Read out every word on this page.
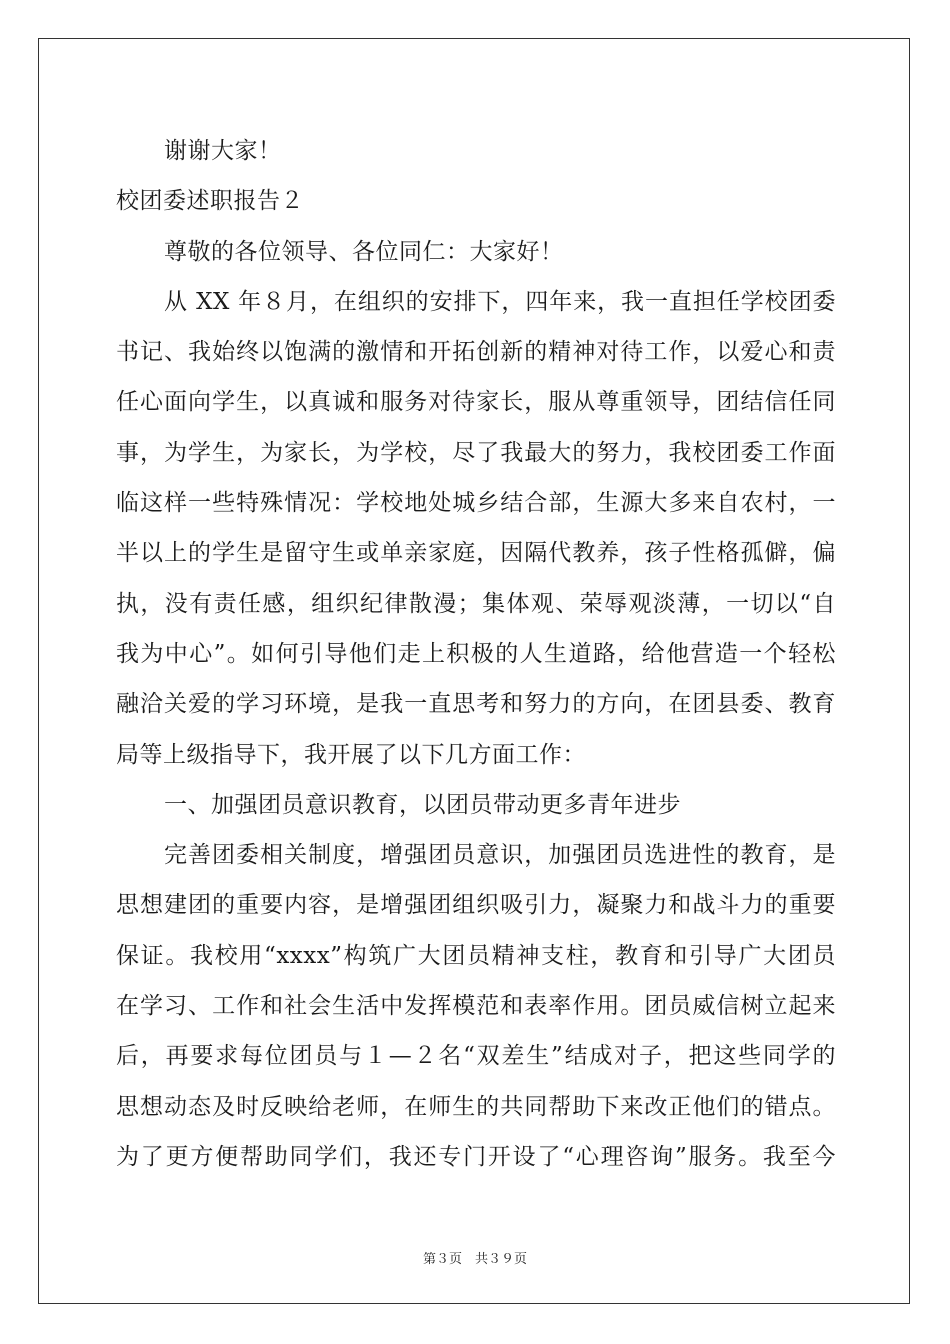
谢谢大家！
校团委述职报告２
尊敬的各位领导、各位同仁：大家好！
从 XX 年８月，在组织的安排下，四年来，我一直担任学校团委
书记、我始终以饱满的激情和开拓创新的精神对待工作，以爱心和责
任心面向学生，以真诚和服务对待家长，服从尊重领导，团结信任同
事，为学生，为家长，为学校，尽了我最大的努力，我校团委工作面
临这样一些特殊情况：学校地处城乡结合部，生源大多来自农村，一
半以上的学生是留守生或单亲家庭，因隔代教养，孩子性格孤僻，偏
执，没有责任感，组织纪律散漫；集体观、荣辱观淡薄，一切以“自
我为中心”。如何引导他们走上积极的人生道路，给他营造一个轻松
融洽关爱的学习环境，是我一直思考和努力的方向，在团县委、教育
局等上级指导下，我开展了以下几方面工作：
一、加强团员意识教育，以团员带动更多青年进步
完善团委相关制度，增强团员意识，加强团员选进性的教育，是
思想建团的重要内容，是增强团组织吸引力，凝聚力和战斗力的重要
保证。我校用“xxxx”构筑广大团员精神支柱，教育和引导广大团员
在学习、工作和社会生活中发挥模范和表率作用。团员威信树立起来
后，再要求每位团员与１—２名“双差生”结成对子，把这些同学的
思想动态及时反映给老师，在师生的共同帮助下来改正他们的错点。
为了更方便帮助同学们，我还专门开设了“心理咨询”服务。我至今
第３页　共３９页
